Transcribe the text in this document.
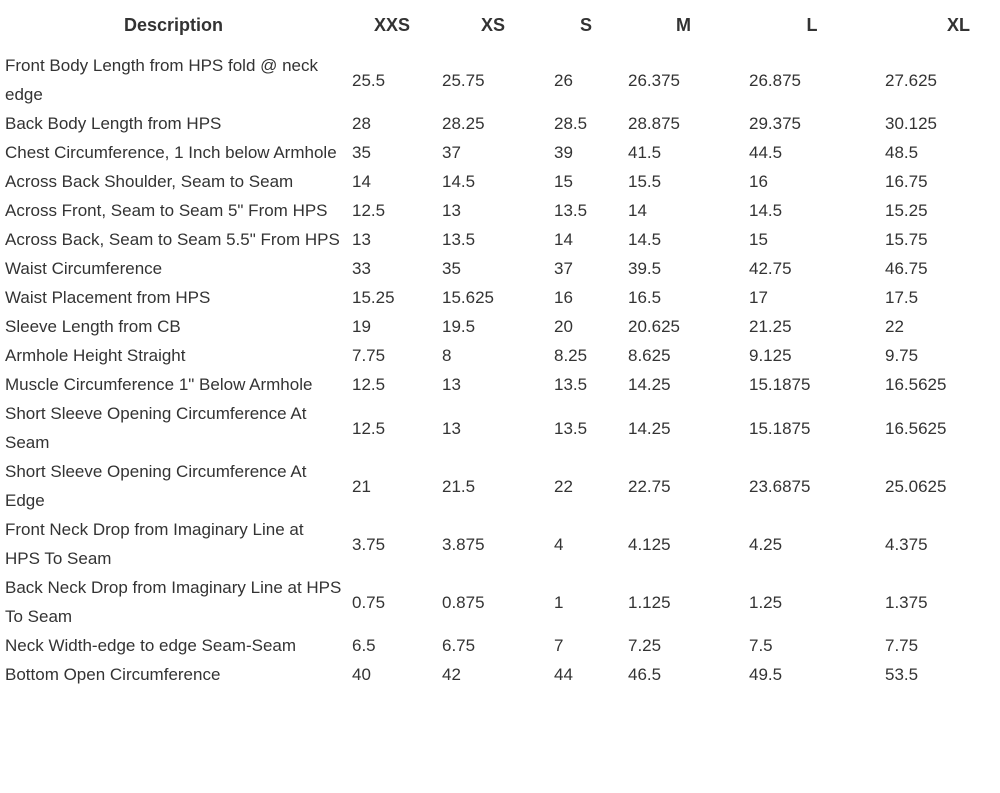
Description	XXS	XS	S	M	L	XL
Front Body Length from HPS fold @ neck edge	25.5	25.75	26	26.375	26.875	27.625
Back Body Length from HPS	28	28.25	28.5	28.875	29.375	30.125
Chest Circumference, 1 Inch below Armhole	35	37	39	41.5	44.5	48.5
Across Back Shoulder, Seam to Seam	14	14.5	15	15.5	16	16.75
Across Front, Seam to Seam 5" From HPS	12.5	13	13.5	14	14.5	15.25
Across Back, Seam to Seam 5.5" From HPS	13	13.5	14	14.5	15	15.75
Waist Circumference	33	35	37	39.5	42.75	46.75
Waist Placement from HPS	15.25	15.625	16	16.5	17	17.5
Sleeve Length from CB	19	19.5	20	20.625	21.25	22
Armhole Height Straight	7.75	8	8.25	8.625	9.125	9.75
Muscle Circumference 1" Below Armhole	12.5	13	13.5	14.25	15.1875	16.5625
Short Sleeve Opening Circumference At Seam	12.5	13	13.5	14.25	15.1875	16.5625
Short Sleeve Opening Circumference At Edge	21	21.5	22	22.75	23.6875	25.0625
Front Neck Drop from Imaginary Line at HPS To Seam	3.75	3.875	4	4.125	4.25	4.375
Back Neck Drop from Imaginary Line at HPS To Seam	0.75	0.875	1	1.125	1.25	1.375
Neck Width-edge to edge Seam-Seam	6.5	6.75	7	7.25	7.5	7.75
Bottom Open Circumference	40	42	44	46.5	49.5	53.5
